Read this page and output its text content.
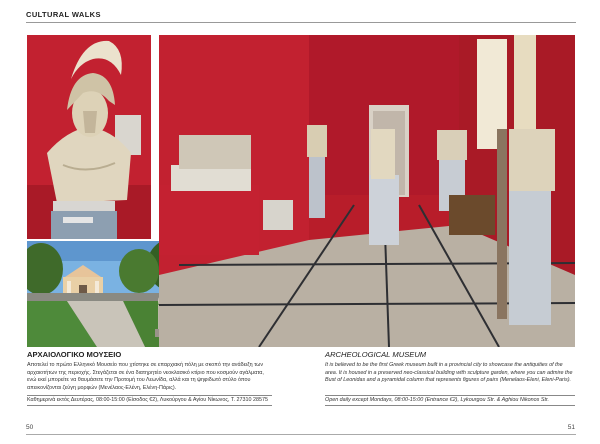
CULTURAL WALKS

ΑΡΧΑΙΟΛΟΓΙΚΟ ΜΟΥΣΕΙΟ

Αποτελεί το πρώτο Ελληνικό Μουσείο που χτίστηκε σε επαρχιακή πόλη με σκοπό την ανάδειξη των αρχαιοτήτων της περιοχής. Στεγάζεται σε ένα διατηρητέο νεοκλασικό κτίριο που κοσμούν αγάλματα, ενώ εκεί μπορείτε να θαυμάσετε την Προτομή του Λεωνίδα, αλλά και τη ψηφιδωτό στύλο όπου απεικονίζονται ζεύγη μορφών (Μενέλαος-Ελένη, Ελένη-Πάρις).

Καθημερινά εκτός Δευτέρας, 08:00-15:00 (Είσοδος €2), Λυκούργου & Αγίου Νίκωνος, Τ. 27310 28575

ARCHEOLOGICAL MUSEUM

It is believed to be the first Greek museum built in a provincial city to showcase the antiquities of the area. It is housed in a preserved neo-classical building with sculpture garden, where you can admire the Bust of Leonidas and a pyramidal column that represents figures of pairs (Menelaos-Eleni, Eleni-Paris).

Open daily except Mondays, 08:00-15:00 (Entrance €2), Lykourgou Str. & Aghiou Nikonos Str.
50	51
